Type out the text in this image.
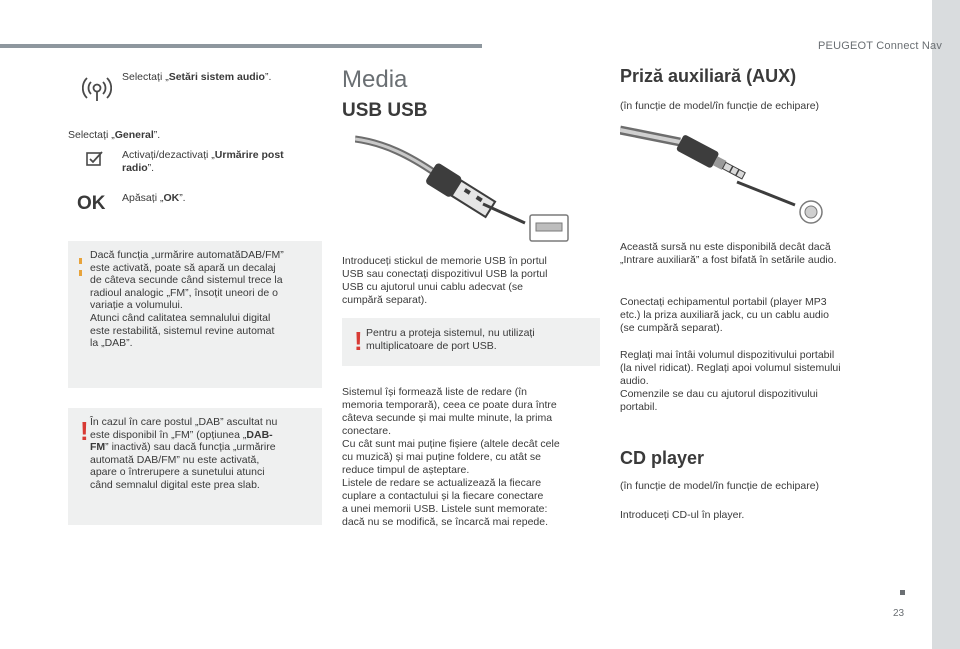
PEUGEOT Connect Nav
23
Selectați „Setări sistem audio”.
Selectați „General”.
Activați/dezactivați „Urmărire post radio”.
OK Apăsați „OK”.
Dacă funcția „urmărire automatăDAB/FM”
este activată, poate să apară un decalaj
de câteva secunde când sistemul trece la
radioul analogic „FM”, însoțit uneori de o
variație a volumului.
Atunci când calitatea semnalului digital
este restabilită, sistemul revine automat
la „DAB”.
! În cazul în care postul „DAB” ascultat nu
este disponibil în „FM” (opțiunea „DAB-
FM” inactivă) sau dacă funcția „urmărire
automată DAB/FM” nu este activată,
apare o întrerupere a sunetului atunci
când semnalul digital este prea slab.
Media
USB USB
Introduceți stickul de memorie USB în portul
USB sau conectați dispozitivul USB la portul
USB cu ajutorul unui cablu adecvat (se
cumpără separat).
! Pentru a proteja sistemul, nu utilizați
multiplicatoare de port USB.
Sistemul își formează liste de redare (în
memoria temporară), ceea ce poate dura între
câteva secunde și mai multe minute, la prima
conectare.
Cu cât sunt mai puține fișiere (altele decât cele
cu muzică) și mai puține foldere, cu atât se
reduce timpul de așteptare.
Listele de redare se actualizează la fiecare
cuplare a contactului și la fiecare conectare
a unei memorii USB. Listele sunt memorate:
dacă nu se modifică, se încarcă mai repede.
Priză auxiliară (AUX)
(în funcție de model/în funcție de echipare)
Această sursă nu este disponibilă decât dacă
„Intrare auxiliară” a fost bifată în setările audio.
Conectați echipamentul portabil (player MP3
etc.) la priza auxiliară jack, cu un cablu audio
(se cumpără separat).
Reglați mai întâi volumul dispozitivului portabil
(la nivel ridicat). Reglați apoi volumul sistemului
audio.
Comenzile se dau cu ajutorul dispozitivului
portabil.
CD player
(în funcție de model/în funcție de echipare)
Introduceți CD-ul în player.
